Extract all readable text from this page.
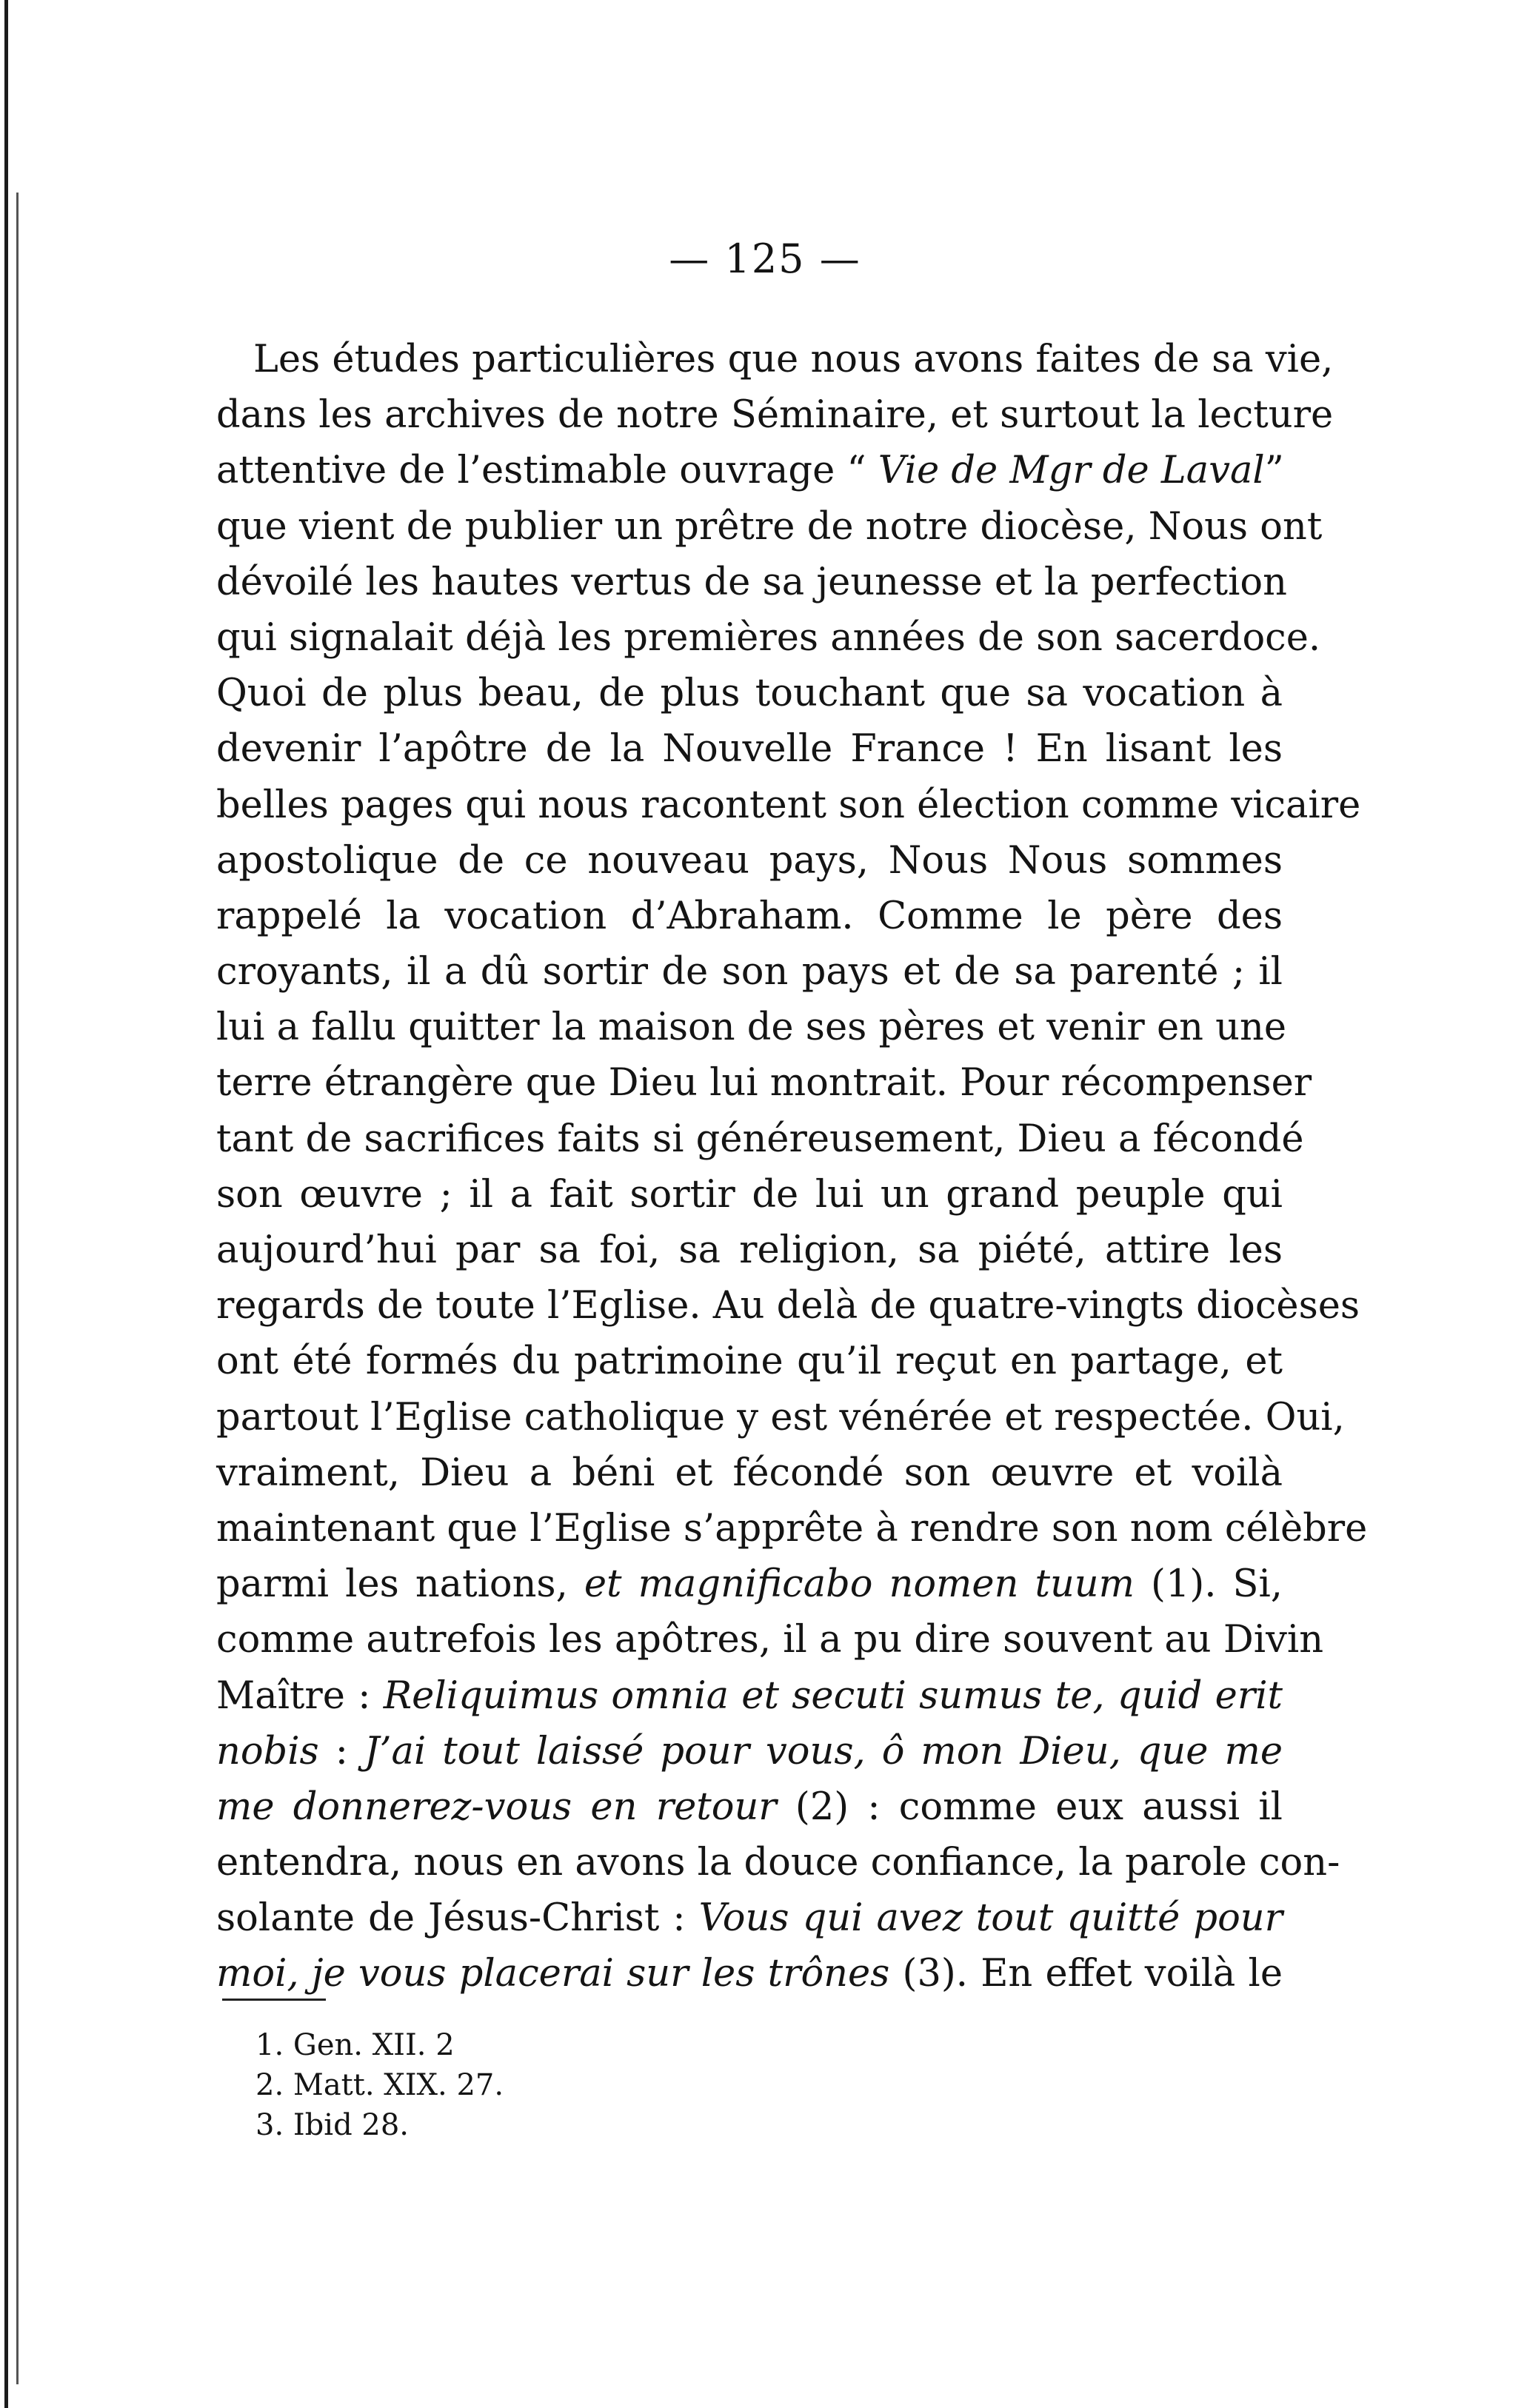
— 125 —
Les études particulières que nous avons faites de sa vie,
dans les archives de notre Séminaire, et surtout la lecture
attentive de l’estimable ouvrage “ Vie de Mgr de Laval”
que vient de publier un prêtre de notre diocèse, Nous ont
dévoilé les hautes vertus de sa jeunesse et la perfection
qui signalait déjà les premières années de son sacerdoce.
Quoi de plus beau, de plus touchant que sa vocation à
devenir l’apôtre de la Nouvelle France ! En lisant les
belles pages qui nous racontent son élection comme vicaire
apostolique de ce nouveau pays, Nous Nous sommes
rappelé la vocation d’Abraham. Comme le père des
croyants, il a dû sortir de son pays et de sa parenté ; il
lui a fallu quitter la maison de ses pères et venir en une
terre étrangère que Dieu lui montrait. Pour récompenser
tant de sacrifices faits si généreusement, Dieu a fécondé
son œuvre ; il a fait sortir de lui un grand peuple qui
aujourd’hui par sa foi, sa religion, sa piété, attire les
regards de toute l’Eglise. Au delà de quatre-vingts diocèses
ont été formés du patrimoine qu’il reçut en partage, et
partout l’Eglise catholique y est vénérée et respectée. Oui,
vraiment, Dieu a béni et fécondé son œuvre et voilà
maintenant que l’Eglise s’apprête à rendre son nom célèbre
parmi les nations, et magnificabo nomen tuum (1). Si,
comme autrefois les apôtres, il a pu dire souvent au Divin
Maître : Reliquimus omnia et secuti sumus te, quid erit
nobis : J’ai tout laissé pour vous, ô mon Dieu, que me
me donnerez-vous en retour (2) : comme eux aussi il
entendra, nous en avons la douce confiance, la parole con-
solante de Jésus-Christ : Vous qui avez tout quitté pour
moi, je vous placerai sur les trônes (3). En effet voilà le
1. Gen. XII. 2
2. Matt. XIX. 27.
3. Ibid 28.
